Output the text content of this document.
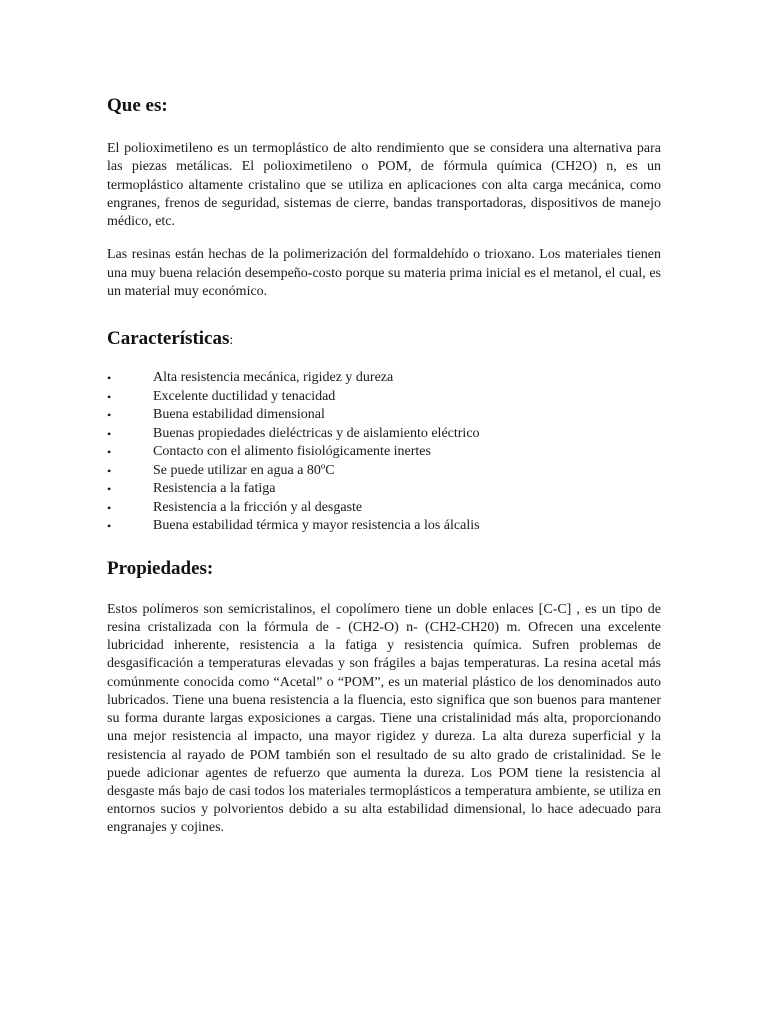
Que es:

El polioximetileno es un termoplástico de alto rendimiento que se considera una alternativa para las piezas metálicas. El polioximetileno o POM, de fórmula química (CH2O) n, es un termoplástico altamente cristalino que se utiliza en aplicaciones con alta carga mecánica, como engranes, frenos de seguridad, sistemas de cierre, bandas transportadoras, dispositivos de manejo médico, etc.

Las resinas están hechas de la polimerización del formaldehído o trioxano. Los materiales tienen una muy buena relación desempeño-costo porque su materia prima inicial es el metanol, el cual, es un material muy económico.

Características:
•	Alta resistencia mecánica, rigidez y dureza
•	Excelente ductilidad y tenacidad
•	Buena estabilidad dimensional
•	Buenas propiedades dieléctricas y de aislamiento eléctrico
•	Contacto con el alimento fisiológicamente inertes
•	Se puede utilizar en agua a 80ºC
•	Resistencia a la fatiga
•	Resistencia a la fricción y al desgaste
•	Buena estabilidad térmica y mayor resistencia a los álcalis
Propiedades:

Estos polímeros son semicristalinos, el copolímero tiene un doble enlaces [C-C] , es un tipo de resina cristalizada con la fórmula de - (CH2-O) n- (CH2-CH20) m. Ofrecen una excelente lubricidad inherente, resistencia a la fatiga y resistencia química. Sufren problemas de desgasificación a temperaturas elevadas y son frágiles a bajas temperaturas. La resina acetal más comúnmente conocida como “Acetal” o “POM”, es un material plástico de los denominados auto lubricados. Tiene una buena resistencia a la fluencia, esto significa que son buenos para mantener su forma durante largas exposiciones a cargas. Tiene una cristalinidad más alta, proporcionando una mejor resistencia al impacto, una mayor rigidez y dureza. La alta dureza superficial y la resistencia al rayado de POM también son el resultado de su alto grado de cristalinidad. Se le puede adicionar agentes de refuerzo que aumenta la dureza. Los POM tiene la resistencia al desgaste más bajo de casi todos los materiales termoplásticos a temperatura ambiente, se utiliza en entornos sucios y polvorientos debido a su alta estabilidad dimensional, lo hace adecuado para engranajes y cojines.
